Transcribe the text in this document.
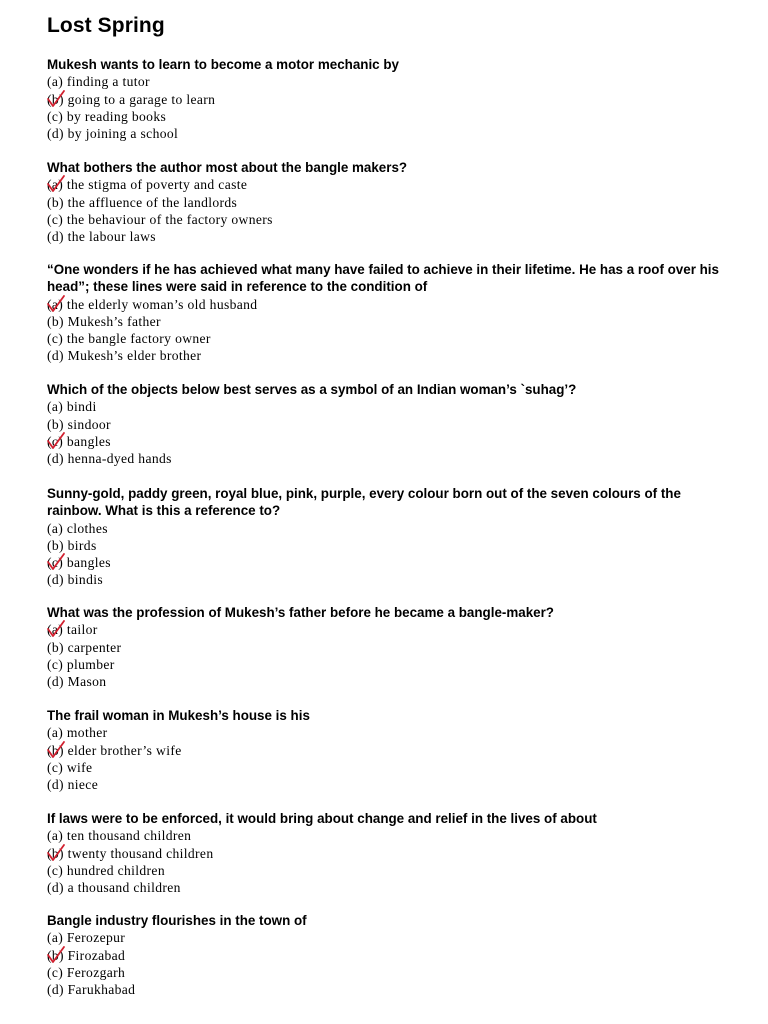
Lost Spring

Mukesh wants to learn to become a motor mechanic by

(a) finding a tutor
(b) going to a garage to learn
(c) by reading books
(d) by joining a school

What bothers the author most about the bangle makers?

(a) the stigma of poverty and caste
(b) the affluence of the landlords
(c) the behaviour of the factory owners
(d) the labour laws

“One wonders if he has achieved what many have failed to achieve in their lifetime. He has a roof over his head”; these lines were said in reference to the condition of

(a) the elderly woman’s old husband
(b) Mukesh’s father
(c) the bangle factory owner
(d) Mukesh’s elder brother

Which of the objects below best serves as a symbol of an Indian woman’s `suhag’?

(a) bindi
(b) sindoor
(c) bangles
(d) henna-dyed hands

Sunny-gold, paddy green, royal blue, pink, purple, every colour born out of the seven colours of the rainbow. What is this a reference to?

(a) clothes
(b) birds
(c) bangles
(d) bindis

What was the profession of Mukesh’s father before he became a bangle-maker?

(a) tailor
(b) carpenter
(c) plumber
(d) Mason

The frail woman in Mukesh’s house is his

(a) mother
(b) elder brother’s wife
(c) wife
(d) niece

If laws were to be enforced, it would bring about change and relief in the lives of about

(a) ten thousand children
(b) twenty thousand children
(c) hundred children
(d) a thousand children

Bangle industry flourishes in the town of

(a) Ferozepur
(b) Firozabad
(c) Ferozgarh
(d) Farukhabad
